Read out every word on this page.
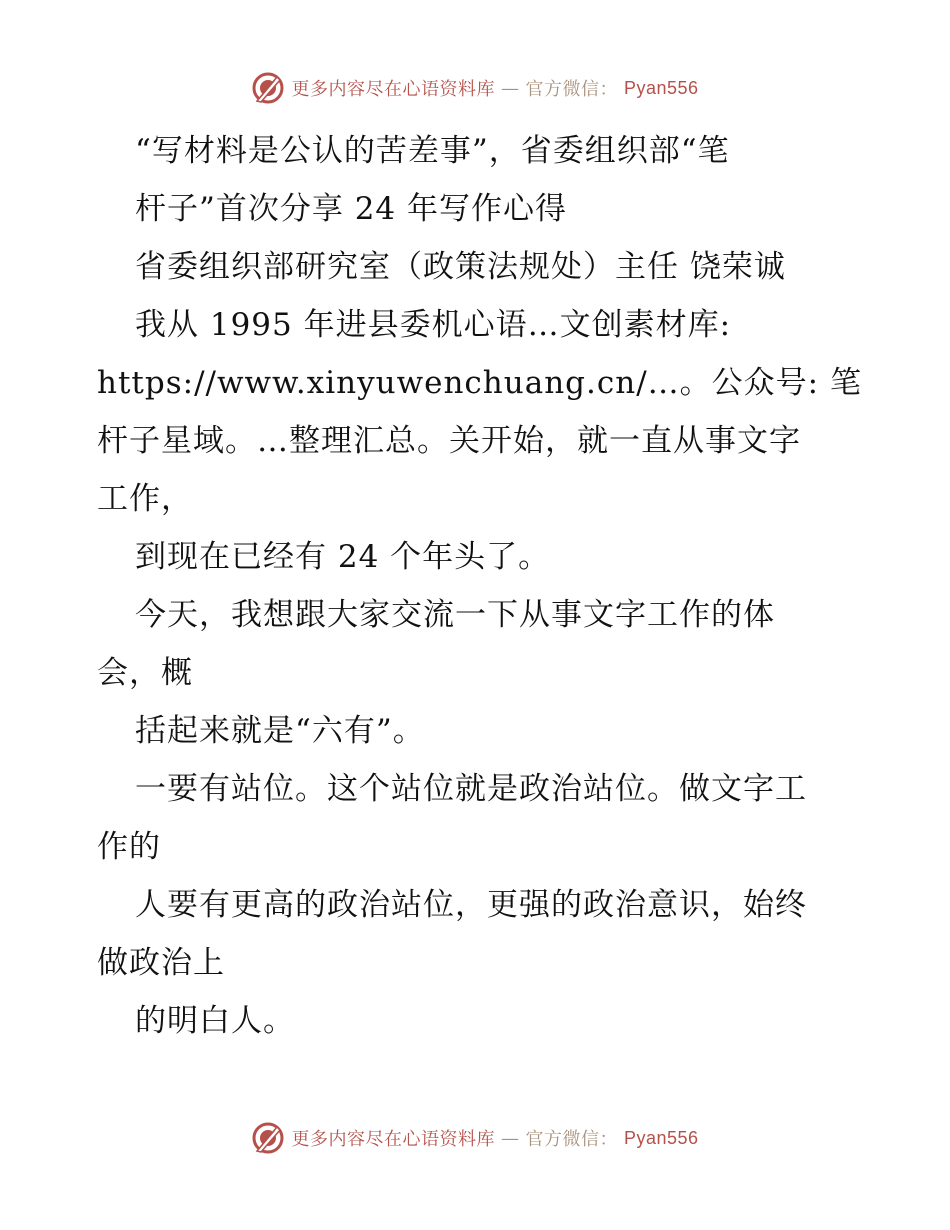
更多内容尽在心语资料库 — 官方微信： Pyan556
“写材料是公认的苦差事”，省委组织部“笔
杆子”首次分享 24 年写作心得
省委组织部研究室（政策法规处）主任 饶荣诚
我从 1995 年进县委机心语…文创素材库:
https://www.xinyuwenchuang.cn/…。公众号: 笔
杆子星域。…整理汇总。关开始，就一直从事文字
工作，
到现在已经有 24 个年头了。
今天，我想跟大家交流一下从事文字工作的体
会，概
括起来就是“六有”。
一要有站位。这个站位就是政治站位。做文字工
作的
人要有更高的政治站位，更强的政治意识，始终
做政治上
的明白人。
更多内容尽在心语资料库 — 官方微信： Pyan556
